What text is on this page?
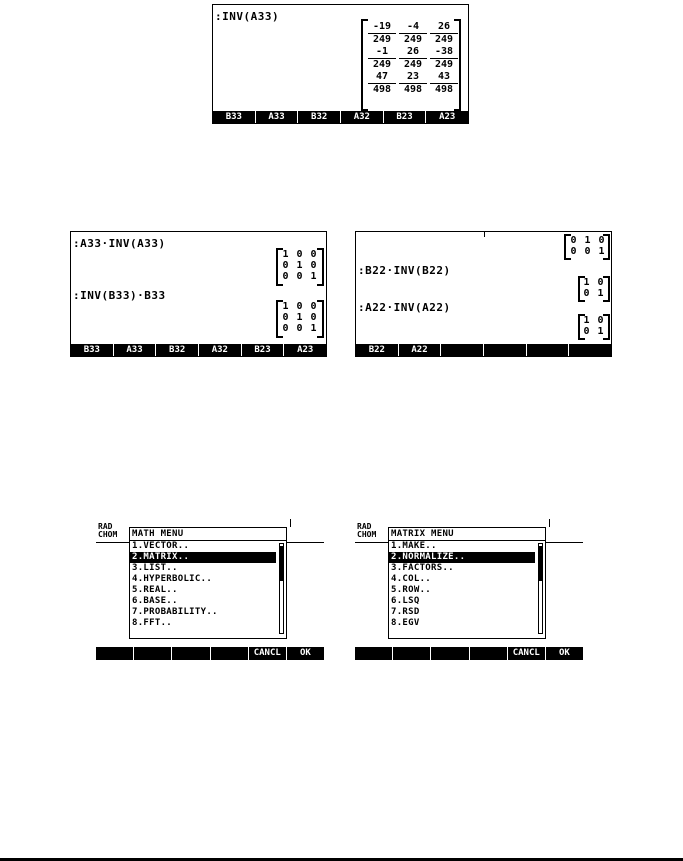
:INV(A33)
$\frac{-19}{249} \frac{-4}{249} \frac{26}{249}$
$\frac{-1}{249} \frac{26}{249} \frac{-38}{249}$
$\frac{47}{498} \frac{23}{498} \frac{43}{498}$
B33	A33	B32	A32	B23	A23
:A33·INV(A33)
1 0 0
0 1 0
0 0 1
:INV(B33)·B33
1 0 0
0 1 0
0 0 1
B33	A33	B32	A32	B23	A23
0 1 0
0 0 1
:B22·INV(B22)
1 0
0 1
:A22·INV(A22)
1 0
0 1
B22	A22
RAD
CHOM MATH MENU
1.VECTOR..
2.MATRIX..
3.LIST..
4.HYPERBOLIC..
5.REAL..
6.BASE..
7.PROBABILITY..
8.FFT..
CANCL	OK
RAD
CHOM MATRIX MENU
1.MAKE..
2.NORMALIZE..
3.FACTORS..
4.COL..
5.ROW..
6.LSQ
7.RSD
8.EGV
CANCL	OK
